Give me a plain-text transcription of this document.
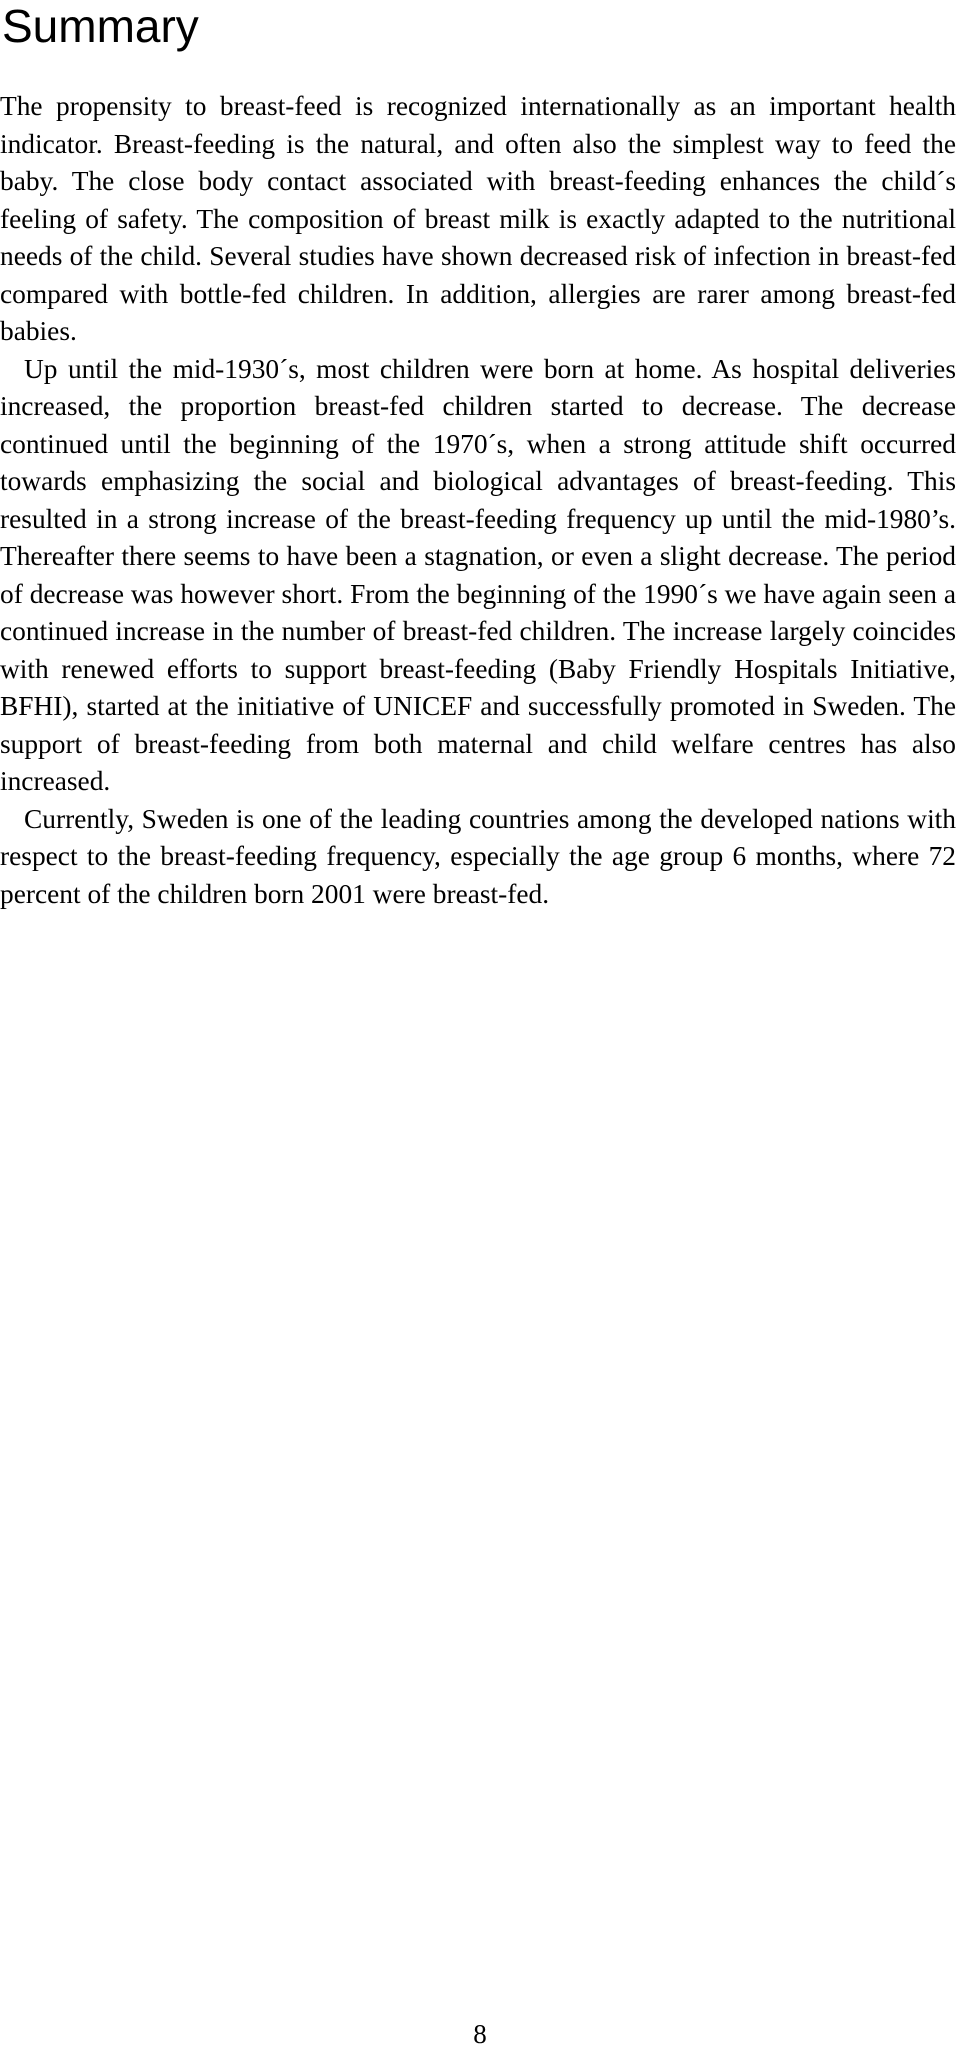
Summary

The propensity to breast-feed is recognized internationally as an important health indicator. Breast-feeding is the natural, and often also the simplest way to feed the baby. The close body contact associated with breast-feeding enhances the child´s feeling of safety. The composition of breast milk is exactly adapted to the nutritional needs of the child. Several studies have shown decreased risk of infection in breast-fed compared with bottle-fed children. In addition, allergies are rarer among breast-fed babies.

Up until the mid-1930´s, most children were born at home. As hospital deliveries increased, the proportion breast-fed children started to decrease. The decrease continued until the beginning of the 1970´s, when a strong attitude shift occurred towards emphasizing the social and biological advantages of breast-feeding. This resulted in a strong increase of the breast-feeding frequency up until the mid-1980’s. Thereafter there seems to have been a stagnation, or even a slight decrease. The period of decrease was however short. From the beginning of the 1990´s we have again seen a continued increase in the number of breast-fed children. The increase largely coincides with renewed efforts to support breast-feeding (Baby Friendly Hospitals Initiative, BFHI), started at the initiative of UNICEF and successfully promoted in Sweden. The support of breast-feeding from both maternal and child welfare centres has also increased.

Currently, Sweden is one of the leading countries among the developed nations with respect to the breast-feeding frequency, especially the age group 6 months, where 72 percent of the children born 2001 were breast-fed.

8
